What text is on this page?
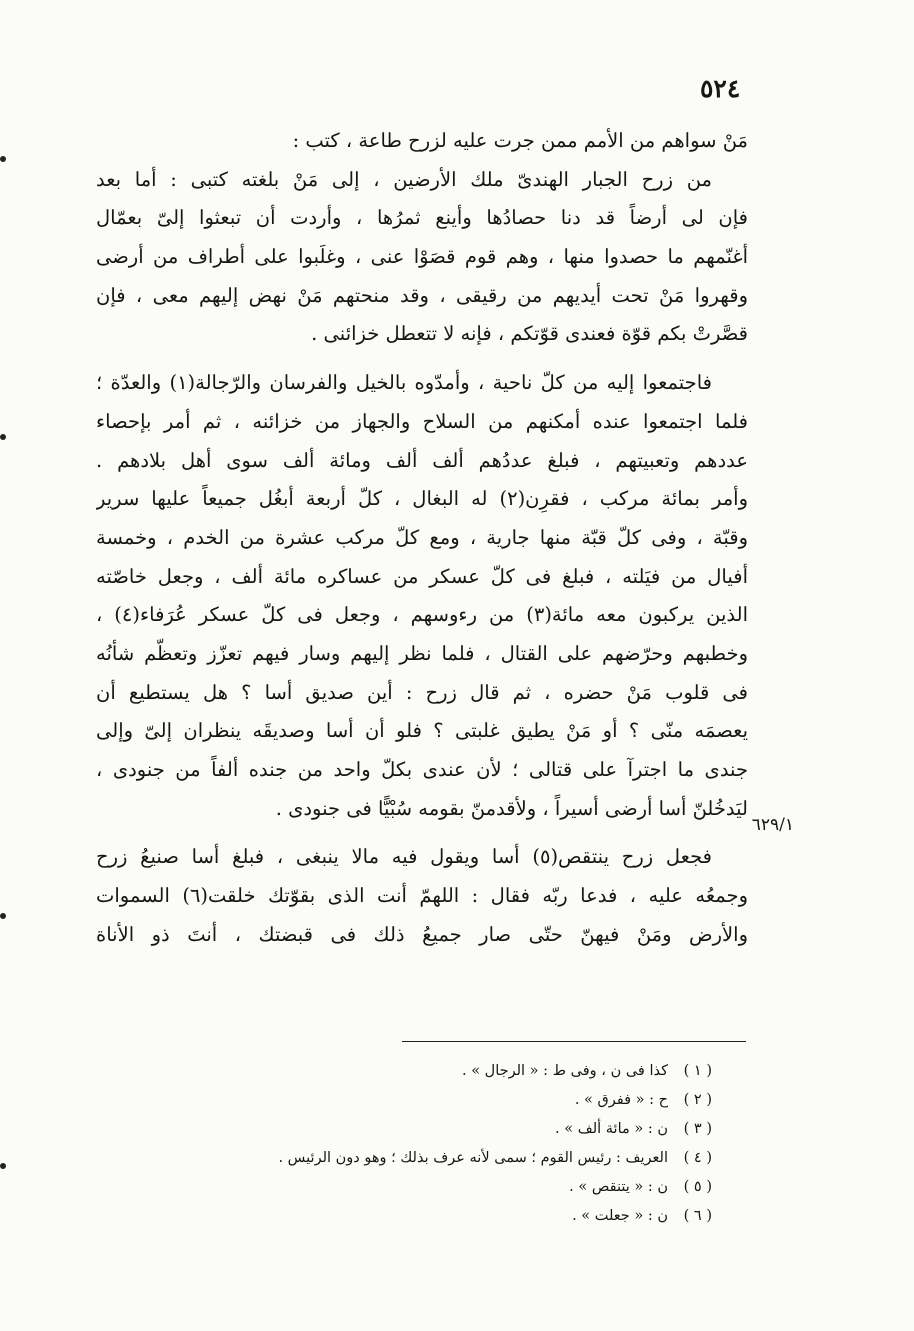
٥٢٤
مَنْ سواهم من الأمم ممن جرت عليه لزرح طاعة ، كتب :
من زرح الجبار الهندىّ ملك الأرضين ، إلى مَنْ بلغته كتبى : أما بعد
فإن لى أرضاً قد دنا حصادُها وأينع ثمرُها ، وأردت أن تبعثوا إلىّ بعمّال
أغنّمهم ما حصدوا منها ، وهم قوم قصَوْا عنى ، وغلَبوا على أطراف من أرضى
وقهروا مَنْ تحت أيديهم من رقيقى ، وقد منحتهم مَنْ نهض إليهم معى ، فإن
قصَّرتْ بكم قوّة فعندى قوّتكم ، فإنه لا تتعطل خزائنى .
فاجتمعوا إليه من كلّ ناحية ، وأمدّوه بالخيل والفرسان والرّجالة(١) والعدّة ؛
فلما اجتمعوا عنده أمكنهم من السلاح والجهاز من خزائنه ، ثم أمر بإحصاء
عددهم وتعبيتهم ، فبلغ عددُهم ألف ألف ومائة ألف سوى أهل بلادهم .
وأمر بمائة مركب ، فقرِن(٢) له البغال ، كلّ أربعة أبغُل جميعاً عليها سرير
وقبّة ، وفى كلّ قبّة منها جارية ، ومع كلّ مركب عشرة من الخدم ، وخمسة
أفيال من فيَلته ، فبلغ فى كلّ عسكر من عساكره مائة ألف ، وجعل خاصّته
الذين يركبون معه مائة(٣) من رءوسهم ، وجعل فى كلّ عسكر عُرَفاء(٤) ،
وخطبهم وحرّضهم على القتال ، فلما نظر إليهم وسار فيهم تعزّز وتعظّم شأنُه
فى قلوب مَنْ حضره ، ثم قال زرح : أين صديق أسا ؟ هل يستطيع أن
يعصمَه منّى ؟ أو مَنْ يطيق غلبتى ؟ فلو أن أسا وصديقَه ينظران إلىّ وإلى
جندى ما اجترآ على قتالى ؛ لأن عندى بكلّ واحد من جنده ألفاً من جنودى ،
ليَدخُلنّ أسا أرضى أسيراً ، ولأقدمنّ بقومه سُبْيًّا فى جنودى .
فجعل زرح ينتقص(٥) أسا ويقول فيه مالا ينبغى ، فبلغ أسا صنيعُ زرح
وجمعُه عليه ، فدعا ربّه فقال : اللهمّ أنت الذى بقوّتك خلقت(٦) السموات
والأرض ومَنْ فيهنّ حتّى صار جميعُ ذلك فى قبضتك ، أنتَ ذو الأناة
٦٢٩/١
( ١ )كذا فى ن ، وفى ط : « الرجال » .
( ٢ )ح : « ففرق » .
( ٣ )ن : « مائة ألف » .
( ٤ )العريف : رئيس القوم ؛ سمى لأنه عرف بذلك ؛ وهو دون الرئيس .
( ٥ )ن : « يتنقص » .
( ٦ )ن : « جعلت » .
